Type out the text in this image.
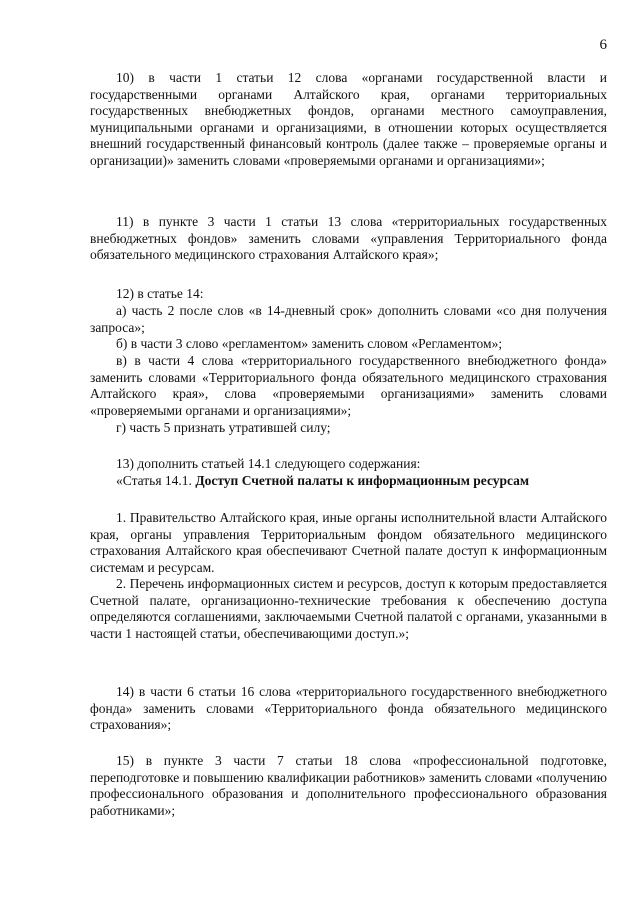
6

10) в части 1 статьи 12 слова «органами государственной власти и государственными органами Алтайского края, органами территориальных государственных внебюджетных фондов, органами местного самоуправления, муниципальными органами и организациями, в отношении которых осуществляется внешний государственный финансовый контроль (далее также – проверяемые органы и организации)» заменить словами «проверяемыми органами и организациями»;

11) в пункте 3 части 1 статьи 13 слова «территориальных государственных внебюджетных фондов» заменить словами «управления Территориального фонда обязательного медицинского страхования Алтайского края»;

12) в статье 14:

а) часть 2 после слов «в 14-дневный срок» дополнить словами «со дня получения запроса»;

б) в части 3 слово «регламентом» заменить словом «Регламентом»;

в) в части 4 слова «территориального государственного внебюджетного фонда» заменить словами «Территориального фонда обязательного медицинского страхования Алтайского края», слова «проверяемыми организациями» заменить словами «проверяемыми органами и организациями»;

г) часть 5 признать утратившей силу;
13) дополнить статьей 14.1 следующего содержания:
«Статья 14.1. Доступ Счетной палаты к информационным ресурсам

1. Правительство Алтайского края, иные органы исполнительной власти Алтайского края, органы управления Территориальным фондом обязательного медицинского страхования Алтайского края обеспечивают Счетной палате доступ к информационным системам и ресурсам.

2. Перечень информационных систем и ресурсов, доступ к которым предоставляется Счетной палате, организационно-технические требования к обеспечению доступа определяются соглашениями, заключаемыми Счетной палатой с органами, указанными в части 1 настоящей статьи, обеспечивающими доступ.»;

14) в части 6 статьи 16 слова «территориального государственного внебюджетного фонда» заменить словами «Территориального фонда обязательного медицинского страхования»;

15) в пункте 3 части 7 статьи 18 слова «профессиональной подготовке, переподготовке и повышению квалификации работников» заменить словами «получению профессионального образования и дополнительного профессионального образования работниками»;
